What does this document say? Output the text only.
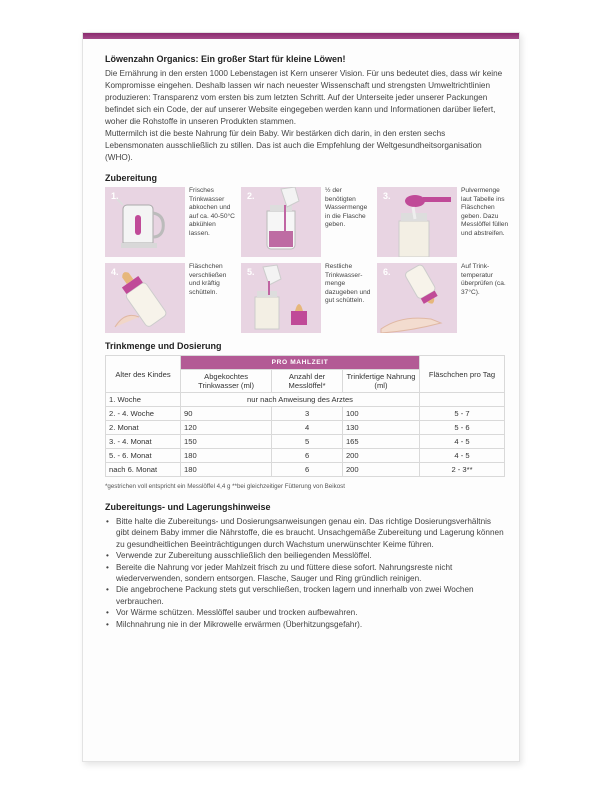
Löwenzahn Organics: Ein großer Start für kleine Löwen!

Die Ernährung in den ersten 1000 Lebenstagen ist Kern unserer Vision. Für uns bedeutet dies, dass wir keine Kompromisse eingehen. Deshalb lassen wir nach neuester Wissenschaft und strengsten Umweltrichtlinien produzieren: Transparenz vom ersten bis zum letzten Schritt. Auf der Unterseite jeder unserer Packungen befindet sich ein Code, der auf unserer Website eingegeben werden kann und Informationen darüber liefert, woher die Rohstoffe in unseren Produkten stammen.

Muttermilch ist die beste Nahrung für dein Baby. Wir bestärken dich darin, in den ersten sechs Lebensmonaten ausschließlich zu stillen. Das ist auch die Empfehlung der Weltgesundheitsorganisation (WHO).

Zubereitung
1.
Frisches Trinkwasser abkochen und auf ca. 40-50°C abkühlen lassen.
2.
½ der benötigten Wassermenge in die Flasche geben.
3.
Pulvermenge laut Tabelle ins Fläschchen geben. Dazu Messlöffel füllen und abstreifen.
4.
Fläschchen verschließen und kräftig schütteln.
5.
Restliche Trinkwasser-menge dazugeben und gut schütteln.
6.
Auf Trink-temperatur überprüfen (ca. 37°C).
Trinkmenge und Dosierung
Alter des Kindes	PRO MAHLZEIT			Fläschchen pro Tag
	Abgekochtes Trinkwasser (ml)	Anzahl der Messlöffel*	Trinkfertige Nahrung (ml)	
1. Woche	nur nach Anweisung des Arztes			
2. - 4. Woche	90	3	100	5 - 7
2. Monat	120	4	130	5 - 6
3. - 4. Monat	150	5	165	4 - 5
5. - 6. Monat	180	6	200	4 - 5
nach 6. Monat	180	6	200	2 - 3**
*gestrichen voll entspricht ein Messlöffel 4,4 g **bei gleichzeitiger Fütterung von Beikost
Zubereitungs- und Lagerungshinweise
• Bitte halte die Zubereitungs- und Dosierungsanweisungen genau ein. Das richtige Dosierungsverhältnis gibt deinem Baby immer die Nährstoffe, die es braucht. Unsachgemäße Zubereitung und Lagerung können zu gesundheitlichen Beeinträchtigungen durch Wachstum unerwünschter Keime führen.
• Verwende zur Zubereitung ausschließlich den beiliegenden Messlöffel.
• Bereite die Nahrung vor jeder Mahlzeit frisch zu und füttere diese sofort. Nahrungsreste nicht wiederverwenden, sondern entsorgen. Flasche, Sauger und Ring gründlich reinigen.
• Die angebrochene Packung stets gut verschließen, trocken lagern und innerhalb von zwei Wochen verbrauchen.
• Vor Wärme schützen. Messlöffel sauber und trocken aufbewahren.
• Milchnahrung nie in der Mikrowelle erwärmen (Überhitzungsgefahr).
